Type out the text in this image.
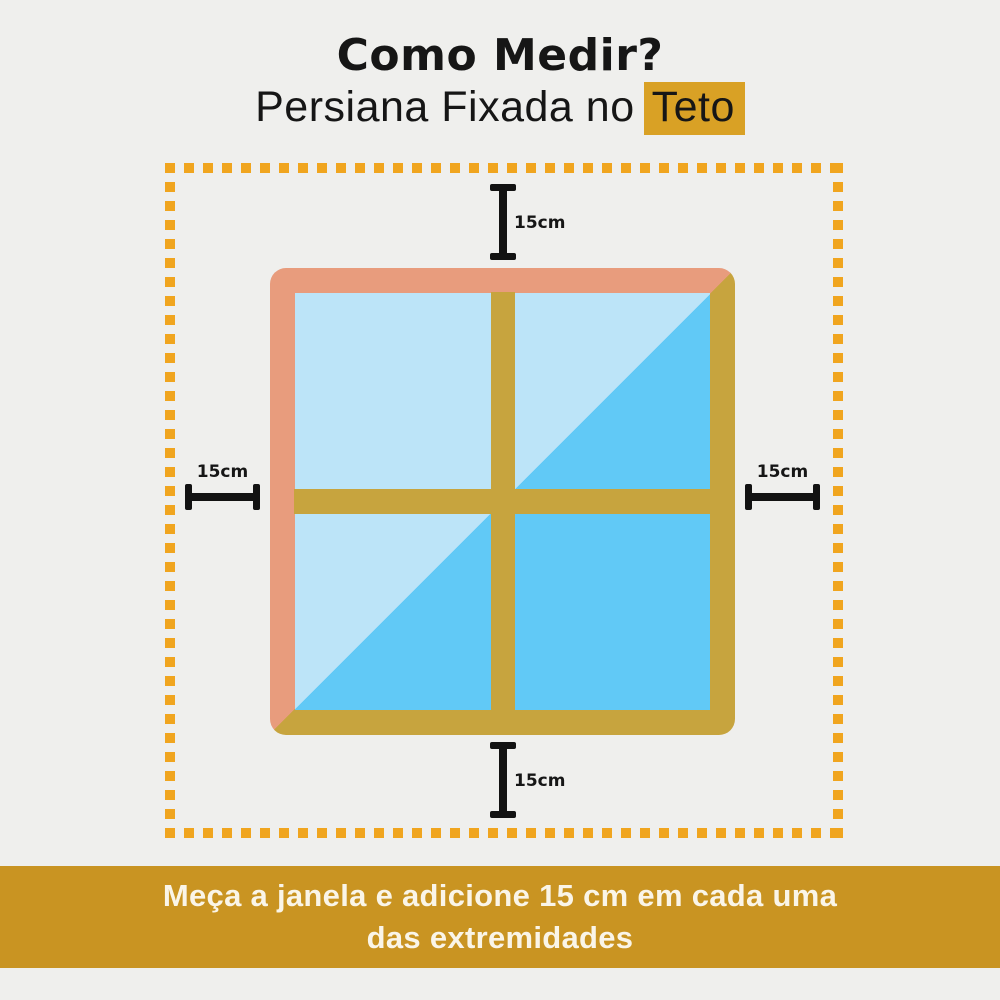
Como Medir?
Persiana Fixada no Teto
15cm
15cm
15cm	15cm
Meça a janela e adicione 15 cm em cada uma
das extremidades
